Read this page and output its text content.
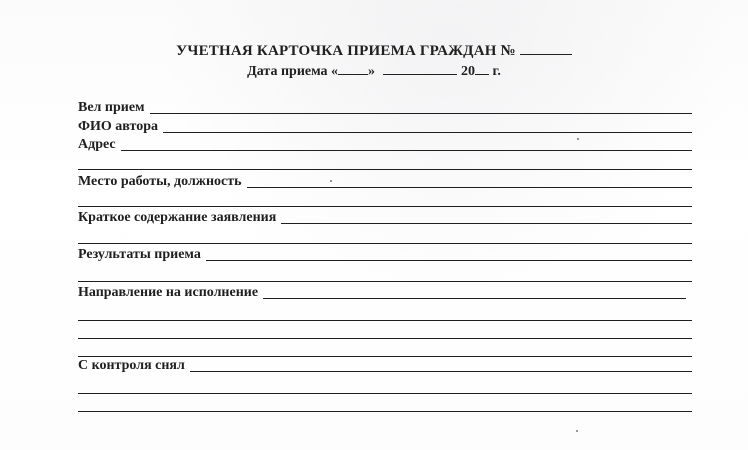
УЧЕТНАЯ КАРТОЧКА ПРИЕМА ГРАЖДАН №
Дата приема « »	20 г.
Вел прием
ФИО автора
Адрес
Место работы, должность
Краткое содержание заявления
Результаты приема
Направление на исполнение
С контроля снял
